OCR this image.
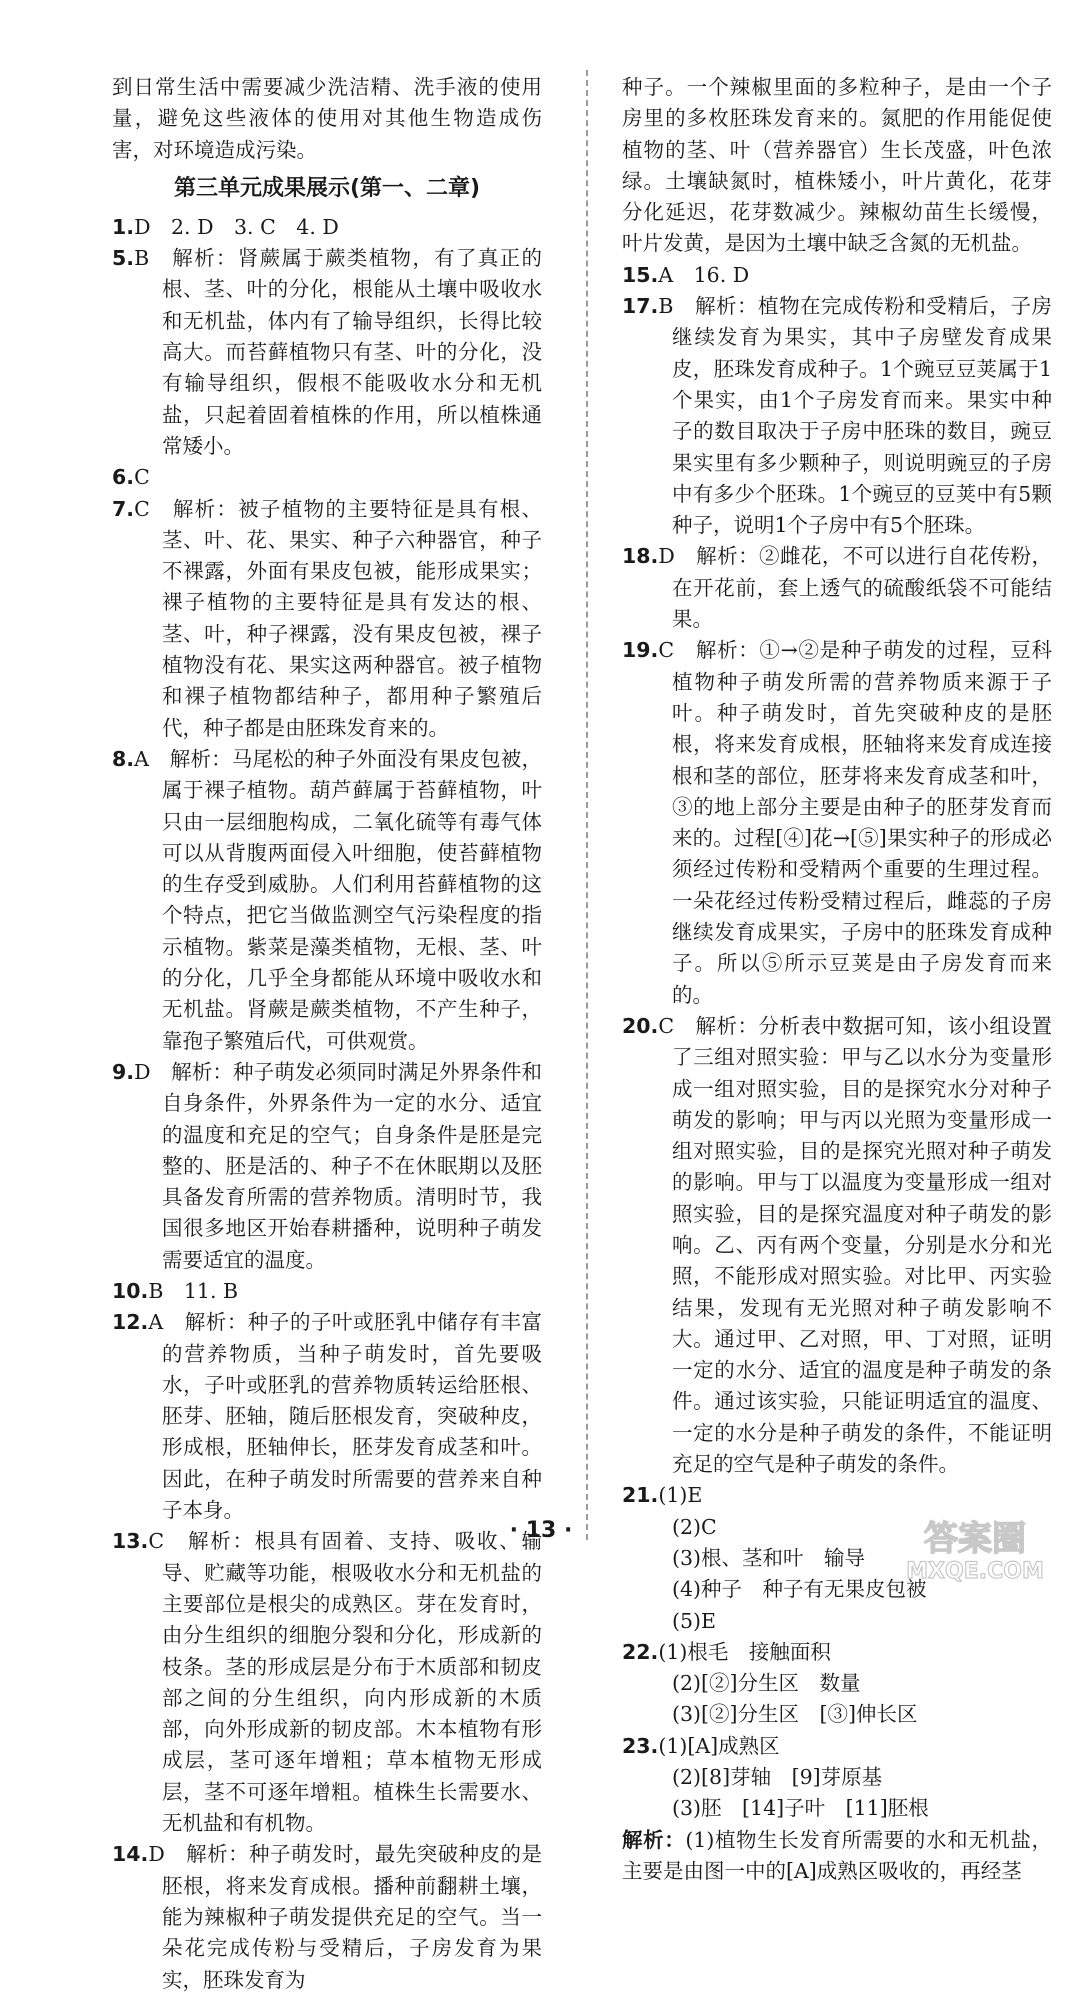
到日常生活中需要减少洗洁精、洗手液的使用量，避免这些液体的使用对其他生物造成伤害，对环境造成污染。

第三单元成果展示(第一、二章)

1.D　2. D　3. C　4. D

5.B　解析：肾蕨属于蕨类植物，有了真正的根、茎、叶的分化，根能从土壤中吸收水和无机盐，体内有了输导组织，长得比较高大。而苔藓植物只有茎、叶的分化，没有输导组织，假根不能吸收水分和无机盐，只起着固着植株的作用，所以植株通常矮小。

6.C

7.C　解析：被子植物的主要特征是具有根、茎、叶、花、果实、种子六种器官，种子不裸露，外面有果皮包被，能形成果实；裸子植物的主要特征是具有发达的根、茎、叶，种子裸露，没有果皮包被，裸子植物没有花、果实这两种器官。被子植物和裸子植物都结种子，都用种子繁殖后代，种子都是由胚珠发育来的。

8.A　解析：马尾松的种子外面没有果皮包被，属于裸子植物。葫芦藓属于苔藓植物，叶只由一层细胞构成，二氧化硫等有毒气体可以从背腹两面侵入叶细胞，使苔藓植物的生存受到威胁。人们利用苔藓植物的这个特点，把它当做监测空气污染程度的指示植物。紫菜是藻类植物，无根、茎、叶的分化，几乎全身都能从环境中吸收水和无机盐。肾蕨是蕨类植物，不产生种子，靠孢子繁殖后代，可供观赏。

9.D　解析：种子萌发必须同时满足外界条件和自身条件，外界条件为一定的水分、适宜的温度和充足的空气；自身条件是胚是完整的、胚是活的、种子不在休眠期以及胚具备发育所需的营养物质。清明时节，我国很多地区开始春耕播种，说明种子萌发需要适宜的温度。

10.B　11. B

12.A　解析：种子的子叶或胚乳中储存有丰富的营养物质，当种子萌发时，首先要吸水，子叶或胚乳的营养物质转运给胚根、胚芽、胚轴，随后胚根发育，突破种皮，形成根，胚轴伸长，胚芽发育成茎和叶。因此，在种子萌发时所需要的营养来自种子本身。

13.C　解析：根具有固着、支持、吸收、输导、贮藏等功能，根吸收水分和无机盐的主要部位是根尖的成熟区。芽在发育时，由分生组织的细胞分裂和分化，形成新的枝条。茎的形成层是分布于木质部和韧皮部之间的分生组织，向内形成新的木质部，向外形成新的韧皮部。木本植物有形成层，茎可逐年增粗；草本植物无形成层，茎不可逐年增粗。植株生长需要水、无机盐和有机物。

14.D　解析：种子萌发时，最先突破种皮的是胚根，将来发育成根。播种前翻耕土壤，能为辣椒种子萌发提供充足的空气。当一朵花完成传粉与受精后，子房发育为果实，胚珠发育为

种子。一个辣椒里面的多粒种子，是由一个子房里的多枚胚珠发育来的。氮肥的作用能促使植物的茎、叶（营养器官）生长茂盛，叶色浓绿。土壤缺氮时，植株矮小，叶片黄化，花芽分化延迟，花芽数减少。辣椒幼苗生长缓慢，叶片发黄，是因为土壤中缺乏含氮的无机盐。

15.A　16. D

17.B　解析：植物在完成传粉和受精后，子房继续发育为果实，其中子房壁发育成果皮，胚珠发育成种子。1个豌豆豆荚属于1个果实，由1个子房发育而来。果实中种子的数目取决于子房中胚珠的数目，豌豆果实里有多少颗种子，则说明豌豆的子房中有多少个胚珠。1个豌豆的豆荚中有5颗种子，说明1个子房中有5个胚珠。

18.D　解析：②雌花，不可以进行自花传粉，在开花前，套上透气的硫酸纸袋不可能结果。

19.C　解析：①→②是种子萌发的过程，豆科植物种子萌发所需的营养物质来源于子叶。种子萌发时，首先突破种皮的是胚根，将来发育成根，胚轴将来发育成连接根和茎的部位，胚芽将来发育成茎和叶，③的地上部分主要是由种子的胚芽发育而来的。过程[④]花→[⑤]果实种子的形成必须经过传粉和受精两个重要的生理过程。一朵花经过传粉受精过程后，雌蕊的子房继续发育成果实，子房中的胚珠发育成种子。所以⑤所示豆荚是由子房发育而来的。

20.C　解析：分析表中数据可知，该小组设置了三组对照实验：甲与乙以水分为变量形成一组对照实验，目的是探究水分对种子萌发的影响；甲与丙以光照为变量形成一组对照实验，目的是探究光照对种子萌发的影响。甲与丁以温度为变量形成一组对照实验，目的是探究温度对种子萌发的影响。乙、丙有两个变量，分别是水分和光照，不能形成对照实验。对比甲、丙实验结果，发现有无光照对种子萌发影响不大。通过甲、乙对照，甲、丁对照，证明一定的水分、适宜的温度是种子萌发的条件。通过该实验，只能证明适宜的温度、一定的水分是种子萌发的条件，不能证明充足的空气是种子萌发的条件。

21.(1)E

(2)C

(3)根、茎和叶　输导

(4)种子　种子有无果皮包被

(5)E

22.(1)根毛　接触面积

(2)[②]分生区　数量

(3)[②]分生区　[③]伸长区

23.(1)[A]成熟区

(2)[8]芽轴　[9]芽原基

(3)胚　[14]子叶　[11]胚根

解析：(1)植物生长发育所需要的水和无机盐，主要是由图一中的[A]成熟区吸收的，再经茎

· 13 ·	答案圈
MXQE.COM
